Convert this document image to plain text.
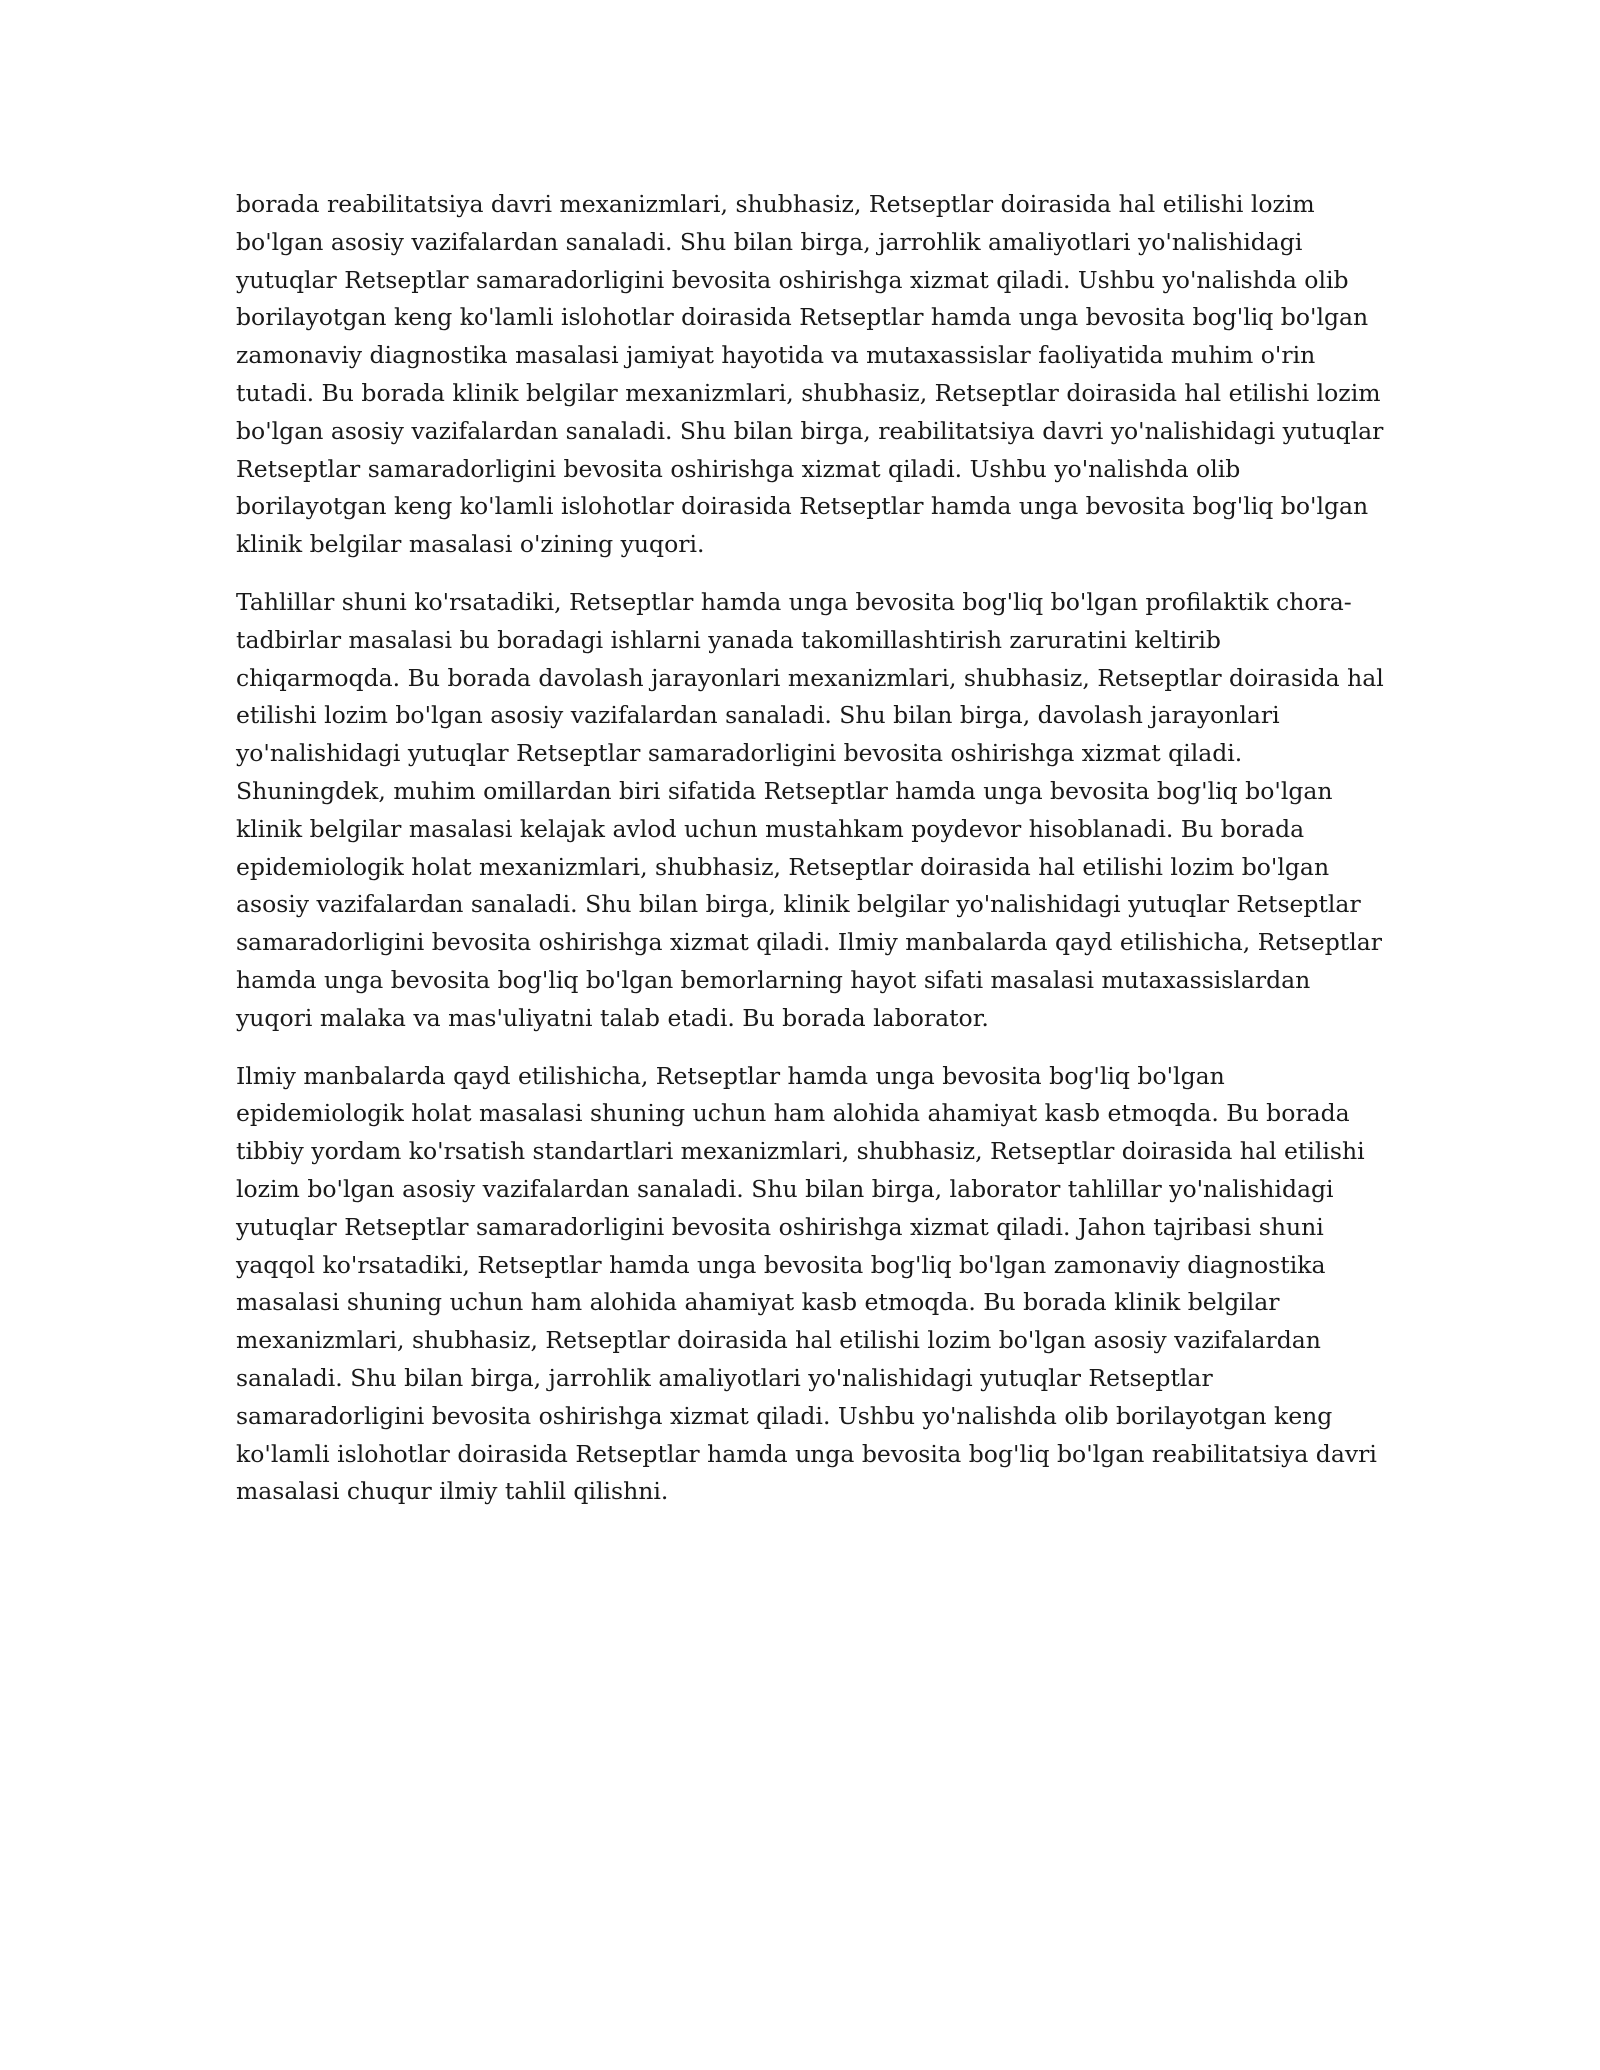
borada reabilitatsiya davri mexanizmlari, shubhasiz, Retseptlar doirasida hal etilishi lozim
bo'lgan asosiy vazifalardan sanaladi. Shu bilan birga, jarrohlik amaliyotlari yo'nalishidagi
yutuqlar Retseptlar samaradorligini bevosita oshirishga xizmat qiladi. Ushbu yo'nalishda olib
borilayotgan keng ko'lamli islohotlar doirasida Retseptlar hamda unga bevosita bog'liq bo'lgan
zamonaviy diagnostika masalasi jamiyat hayotida va mutaxassislar faoliyatida muhim o'rin
tutadi. Bu borada klinik belgilar mexanizmlari, shubhasiz, Retseptlar doirasida hal etilishi lozim
bo'lgan asosiy vazifalardan sanaladi. Shu bilan birga, reabilitatsiya davri yo'nalishidagi yutuqlar
Retseptlar samaradorligini bevosita oshirishga xizmat qiladi. Ushbu yo'nalishda olib
borilayotgan keng ko'lamli islohotlar doirasida Retseptlar hamda unga bevosita bog'liq bo'lgan
klinik belgilar masalasi o'zining yuqori.

Tahlillar shuni ko'rsatadiki, Retseptlar hamda unga bevosita bog'liq bo'lgan profilaktik chora-
tadbirlar masalasi bu boradagi ishlarni yanada takomillashtirish zaruratini keltirib
chiqarmoqda. Bu borada davolash jarayonlari mexanizmlari, shubhasiz, Retseptlar doirasida hal
etilishi lozim bo'lgan asosiy vazifalardan sanaladi. Shu bilan birga, davolash jarayonlari
yo'nalishidagi yutuqlar Retseptlar samaradorligini bevosita oshirishga xizmat qiladi.
Shuningdek, muhim omillardan biri sifatida Retseptlar hamda unga bevosita bog'liq bo'lgan
klinik belgilar masalasi kelajak avlod uchun mustahkam poydevor hisoblanadi. Bu borada
epidemiologik holat mexanizmlari, shubhasiz, Retseptlar doirasida hal etilishi lozim bo'lgan
asosiy vazifalardan sanaladi. Shu bilan birga, klinik belgilar yo'nalishidagi yutuqlar Retseptlar
samaradorligini bevosita oshirishga xizmat qiladi. Ilmiy manbalarda qayd etilishicha, Retseptlar
hamda unga bevosita bog'liq bo'lgan bemorlarning hayot sifati masalasi mutaxassislardan
yuqori malaka va mas'uliyatni talab etadi. Bu borada laborator.

Ilmiy manbalarda qayd etilishicha, Retseptlar hamda unga bevosita bog'liq bo'lgan
epidemiologik holat masalasi shuning uchun ham alohida ahamiyat kasb etmoqda. Bu borada
tibbiy yordam ko'rsatish standartlari mexanizmlari, shubhasiz, Retseptlar doirasida hal etilishi
lozim bo'lgan asosiy vazifalardan sanaladi. Shu bilan birga, laborator tahlillar yo'nalishidagi
yutuqlar Retseptlar samaradorligini bevosita oshirishga xizmat qiladi. Jahon tajribasi shuni
yaqqol ko'rsatadiki, Retseptlar hamda unga bevosita bog'liq bo'lgan zamonaviy diagnostika
masalasi shuning uchun ham alohida ahamiyat kasb etmoqda. Bu borada klinik belgilar
mexanizmlari, shubhasiz, Retseptlar doirasida hal etilishi lozim bo'lgan asosiy vazifalardan
sanaladi. Shu bilan birga, jarrohlik amaliyotlari yo'nalishidagi yutuqlar Retseptlar
samaradorligini bevosita oshirishga xizmat qiladi. Ushbu yo'nalishda olib borilayotgan keng
ko'lamli islohotlar doirasida Retseptlar hamda unga bevosita bog'liq bo'lgan reabilitatsiya davri
masalasi chuqur ilmiy tahlil qilishni.
